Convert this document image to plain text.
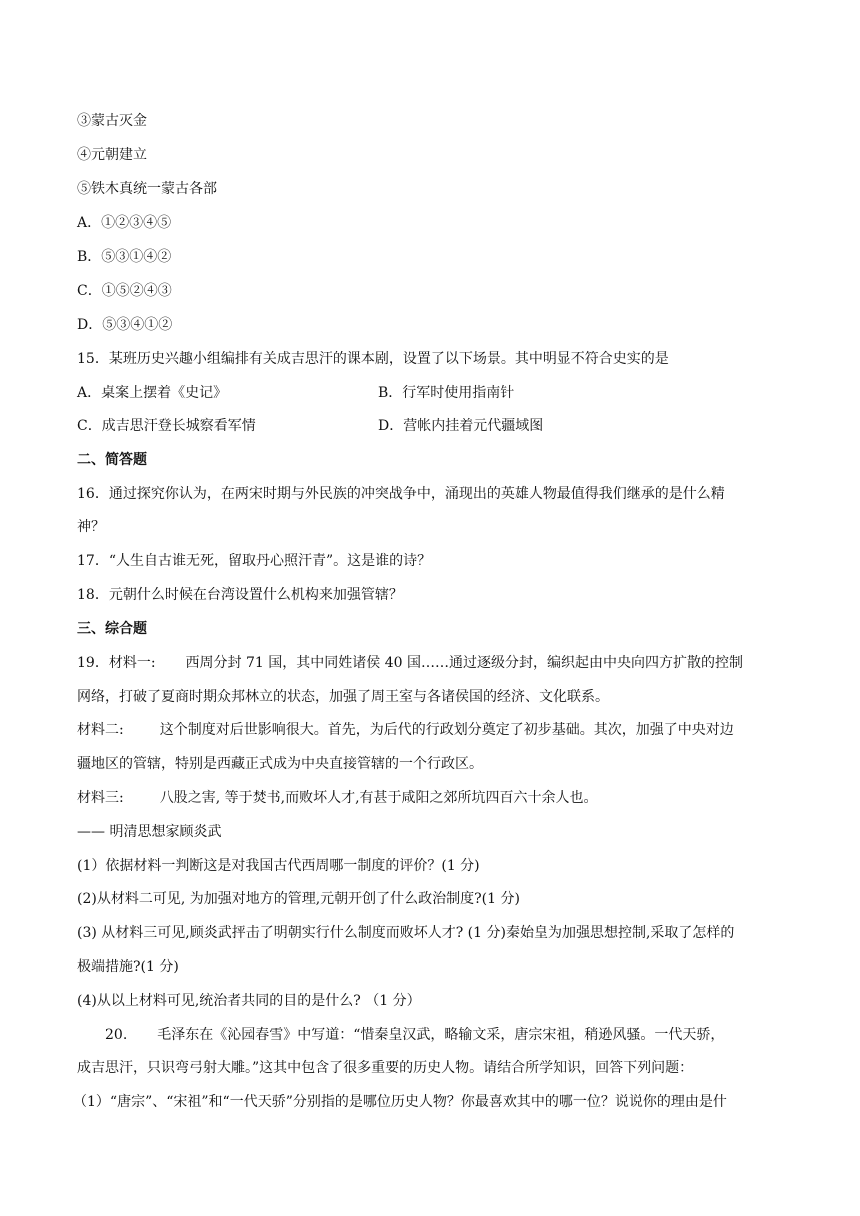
③蒙古灭金
④元朝建立
⑤铁木真统一蒙古各部
A．①②③④⑤
B．⑤③①④②
C．①⑤②④③
D．⑤③④①②
15．某班历史兴趣小组编排有关成吉思汗的课本剧，设置了以下场景。其中明显不符合史实的是
A．桌案上摆着《史记》	B．行军时使用指南针
C．成吉思汗登长城察看军情	D．营帐内挂着元代疆域图
二、简答题
16．通过探究你认为，在两宋时期与外民族的冲突战争中，涌现出的英雄人物最值得我们继承的是什么精
神？
17．“人生自古谁无死，留取丹心照汗青”。这是谁的诗？
18．元朝什么时候在台湾设置什么机构来加强管辖？
三、综合题
19．材料一: 西周分封 71 国，其中同姓诸侯 40 国……通过逐级分封，编织起由中央向四方扩散的控制
网络，打破了夏商时期众邦林立的状态，加强了周王室与各诸侯国的经济、文化联系。
材料二:	这个制度对后世影响很大。首先，为后代的行政划分奠定了初步基础。其次，加强了中央对边
疆地区的管辖，特别是西藏正式成为中央直接管辖的一个行政区。
材料三:	八股之害, 等于焚书,而败坏人才,有甚于咸阳之郊所坑四百六十余人也。
—— 明清思想家顾炎武
(1）依据材料一判断这是对我国古代西周哪一制度的评价？(1 分)
(2)从材料二可见, 为加强对地方的管理,元朝开创了什么政治制度?(1 分)
(3) 从材料三可见,顾炎武抨击了明朝实行什么制度而败坏人才? (1 分)秦始皇为加强思想控制,采取了怎样的
极端措施?(1 分)
(4)从以上材料可见,统治者共同的目的是什么? （1 分）
20. 毛泽东在《沁园春雪》中写道：“惜秦皇汉武，略输文采，唐宗宋祖，稍逊风骚。一代天骄，
成吉思汗，只识弯弓射大雕。”这其中包含了很多重要的历史人物。请结合所学知识，回答下列问题：
（1）“唐宗”、“宋祖”和“一代天骄”分别指的是哪位历史人物？你最喜欢其中的哪一位？说说你的理由是什
